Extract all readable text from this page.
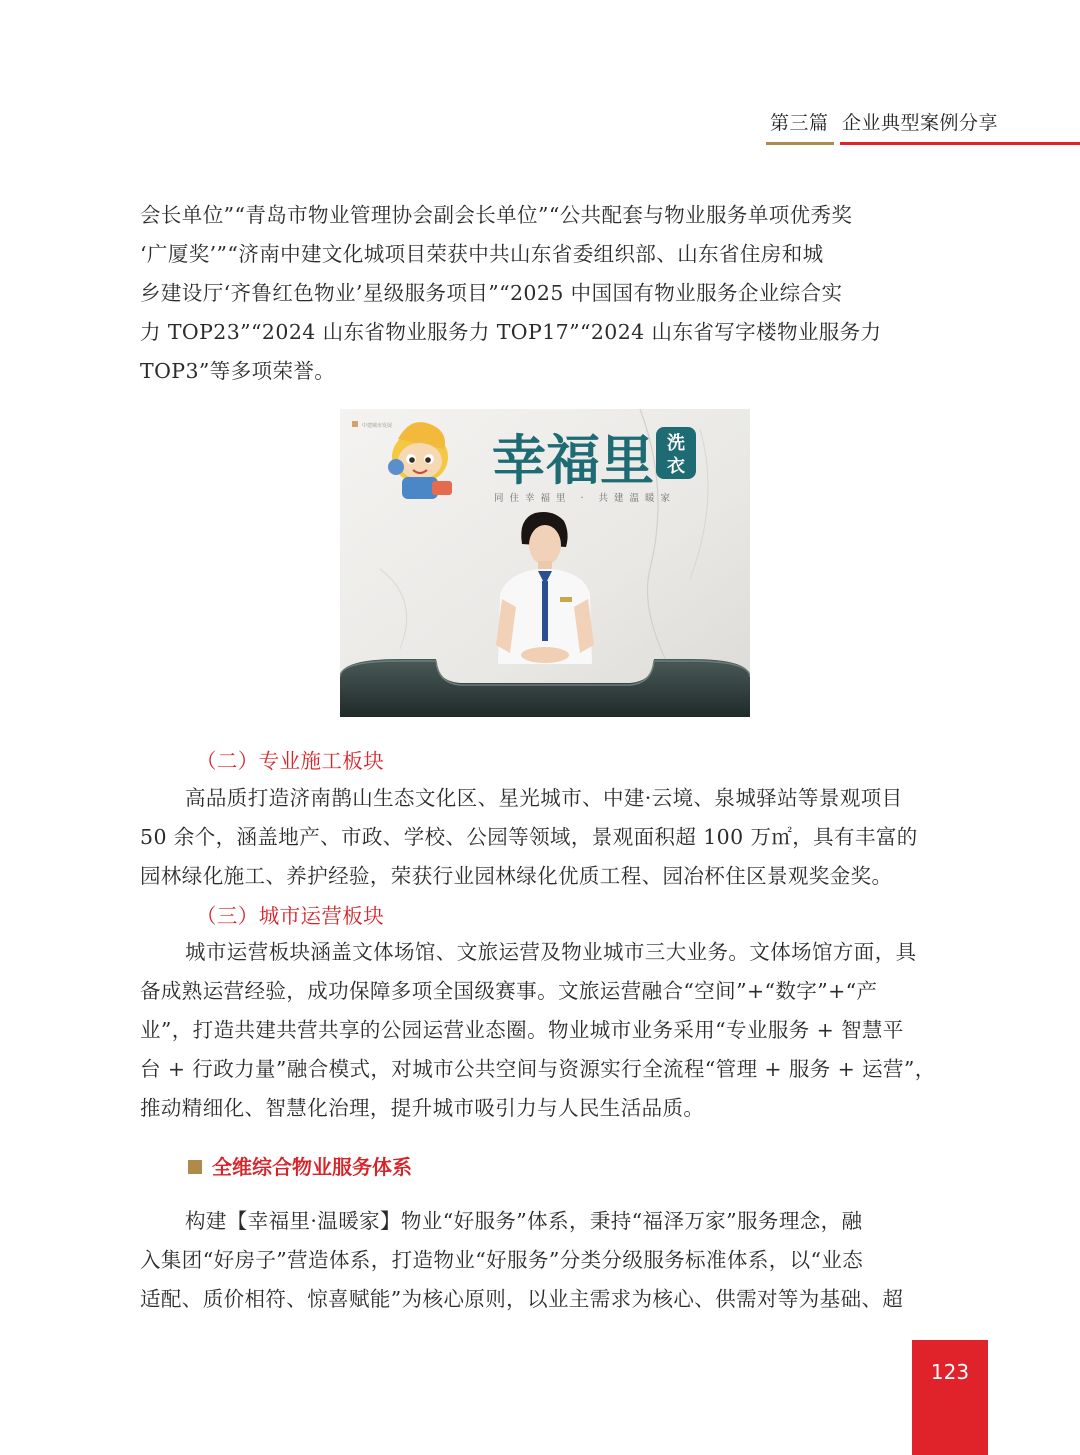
第三篇 企业典型案例分享
会长单位”“青岛市物业管理协会副会长单位”“公共配套与物业服务单项优秀奖
‘广厦奖’”“济南中建文化城项目荣获中共山东省委组织部、山东省住房和城
乡建设厅‘齐鲁红色物业’星级服务项目”“2025 中国国有物业服务企业综合实
力 TOP23”“2024 山东省物业服务力 TOP17”“2024 山东省写字楼物业服务力
TOP3”等多项荣誉。
中建城市发展
幸福里 洗
衣
同住幸福里 · 共建温暖家
（二）专业施工板块
高品质打造济南鹊山生态文化区、星光城市、中建·云境、泉城驿站等景观项目
50 余个，涵盖地产、市政、学校、公园等领域，景观面积超 100 万㎡，具有丰富的
园林绿化施工、养护经验，荣获行业园林绿化优质工程、园冶杯住区景观奖金奖。
（三）城市运营板块
城市运营板块涵盖文体场馆、文旅运营及物业城市三大业务。文体场馆方面，具
备成熟运营经验，成功保障多项全国级赛事。文旅运营融合“空间”+“数字”+“产
业”，打造共建共营共享的公园运营业态圈。物业城市业务采用“专业服务 + 智慧平
台 + 行政力量”融合模式，对城市公共空间与资源实行全流程“管理 + 服务 + 运营”，
推动精细化、智慧化治理，提升城市吸引力与人民生活品质。
全维综合物业服务体系
构建【幸福里·温暖家】物业“好服务”体系，秉持“福泽万家”服务理念，融
入集团“好房子”营造体系，打造物业“好服务”分类分级服务标准体系，以“业态
适配、质价相符、惊喜赋能”为核心原则，以业主需求为核心、供需对等为基础、超
123
